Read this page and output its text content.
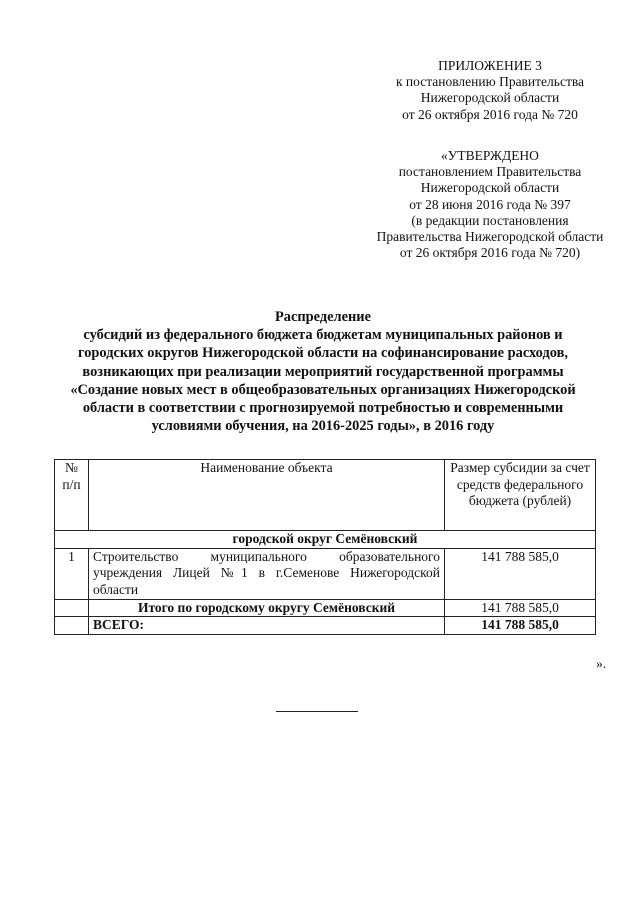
ПРИЛОЖЕНИЕ 3
к постановлению Правительства
Нижегородской области
от 26 октября 2016 года № 720
«УТВЕРЖДЕНО
постановлением Правительства
Нижегородской области
от 28 июня 2016 года № 397
(в редакции постановления
Правительства Нижегородской области
от 26 октября 2016 года № 720)
Распределение
субсидий из федерального бюджета бюджетам муниципальных районов и
городских округов Нижегородской области на софинансирование расходов,
возникающих при реализации мероприятий государственной программы
«Создание новых мест в общеобразовательных организациях Нижегородской
области в соответствии с прогнозируемой потребностью и современными
условиями обучения, на 2016-2025 годы», в 2016 году
№ п/п	Наименование объекта	Размер субсидии за счет средств федерального бюджета (рублей)
городской округ Семёновский		
1	Строительство муниципального образовательного учреждения Лицей №1 в г.Семенове Нижегородской области	141 788 585,0
	Итого по городскому округу Семёновский	141 788 585,0
	ВСЕГО:	141 788 585,0
».
